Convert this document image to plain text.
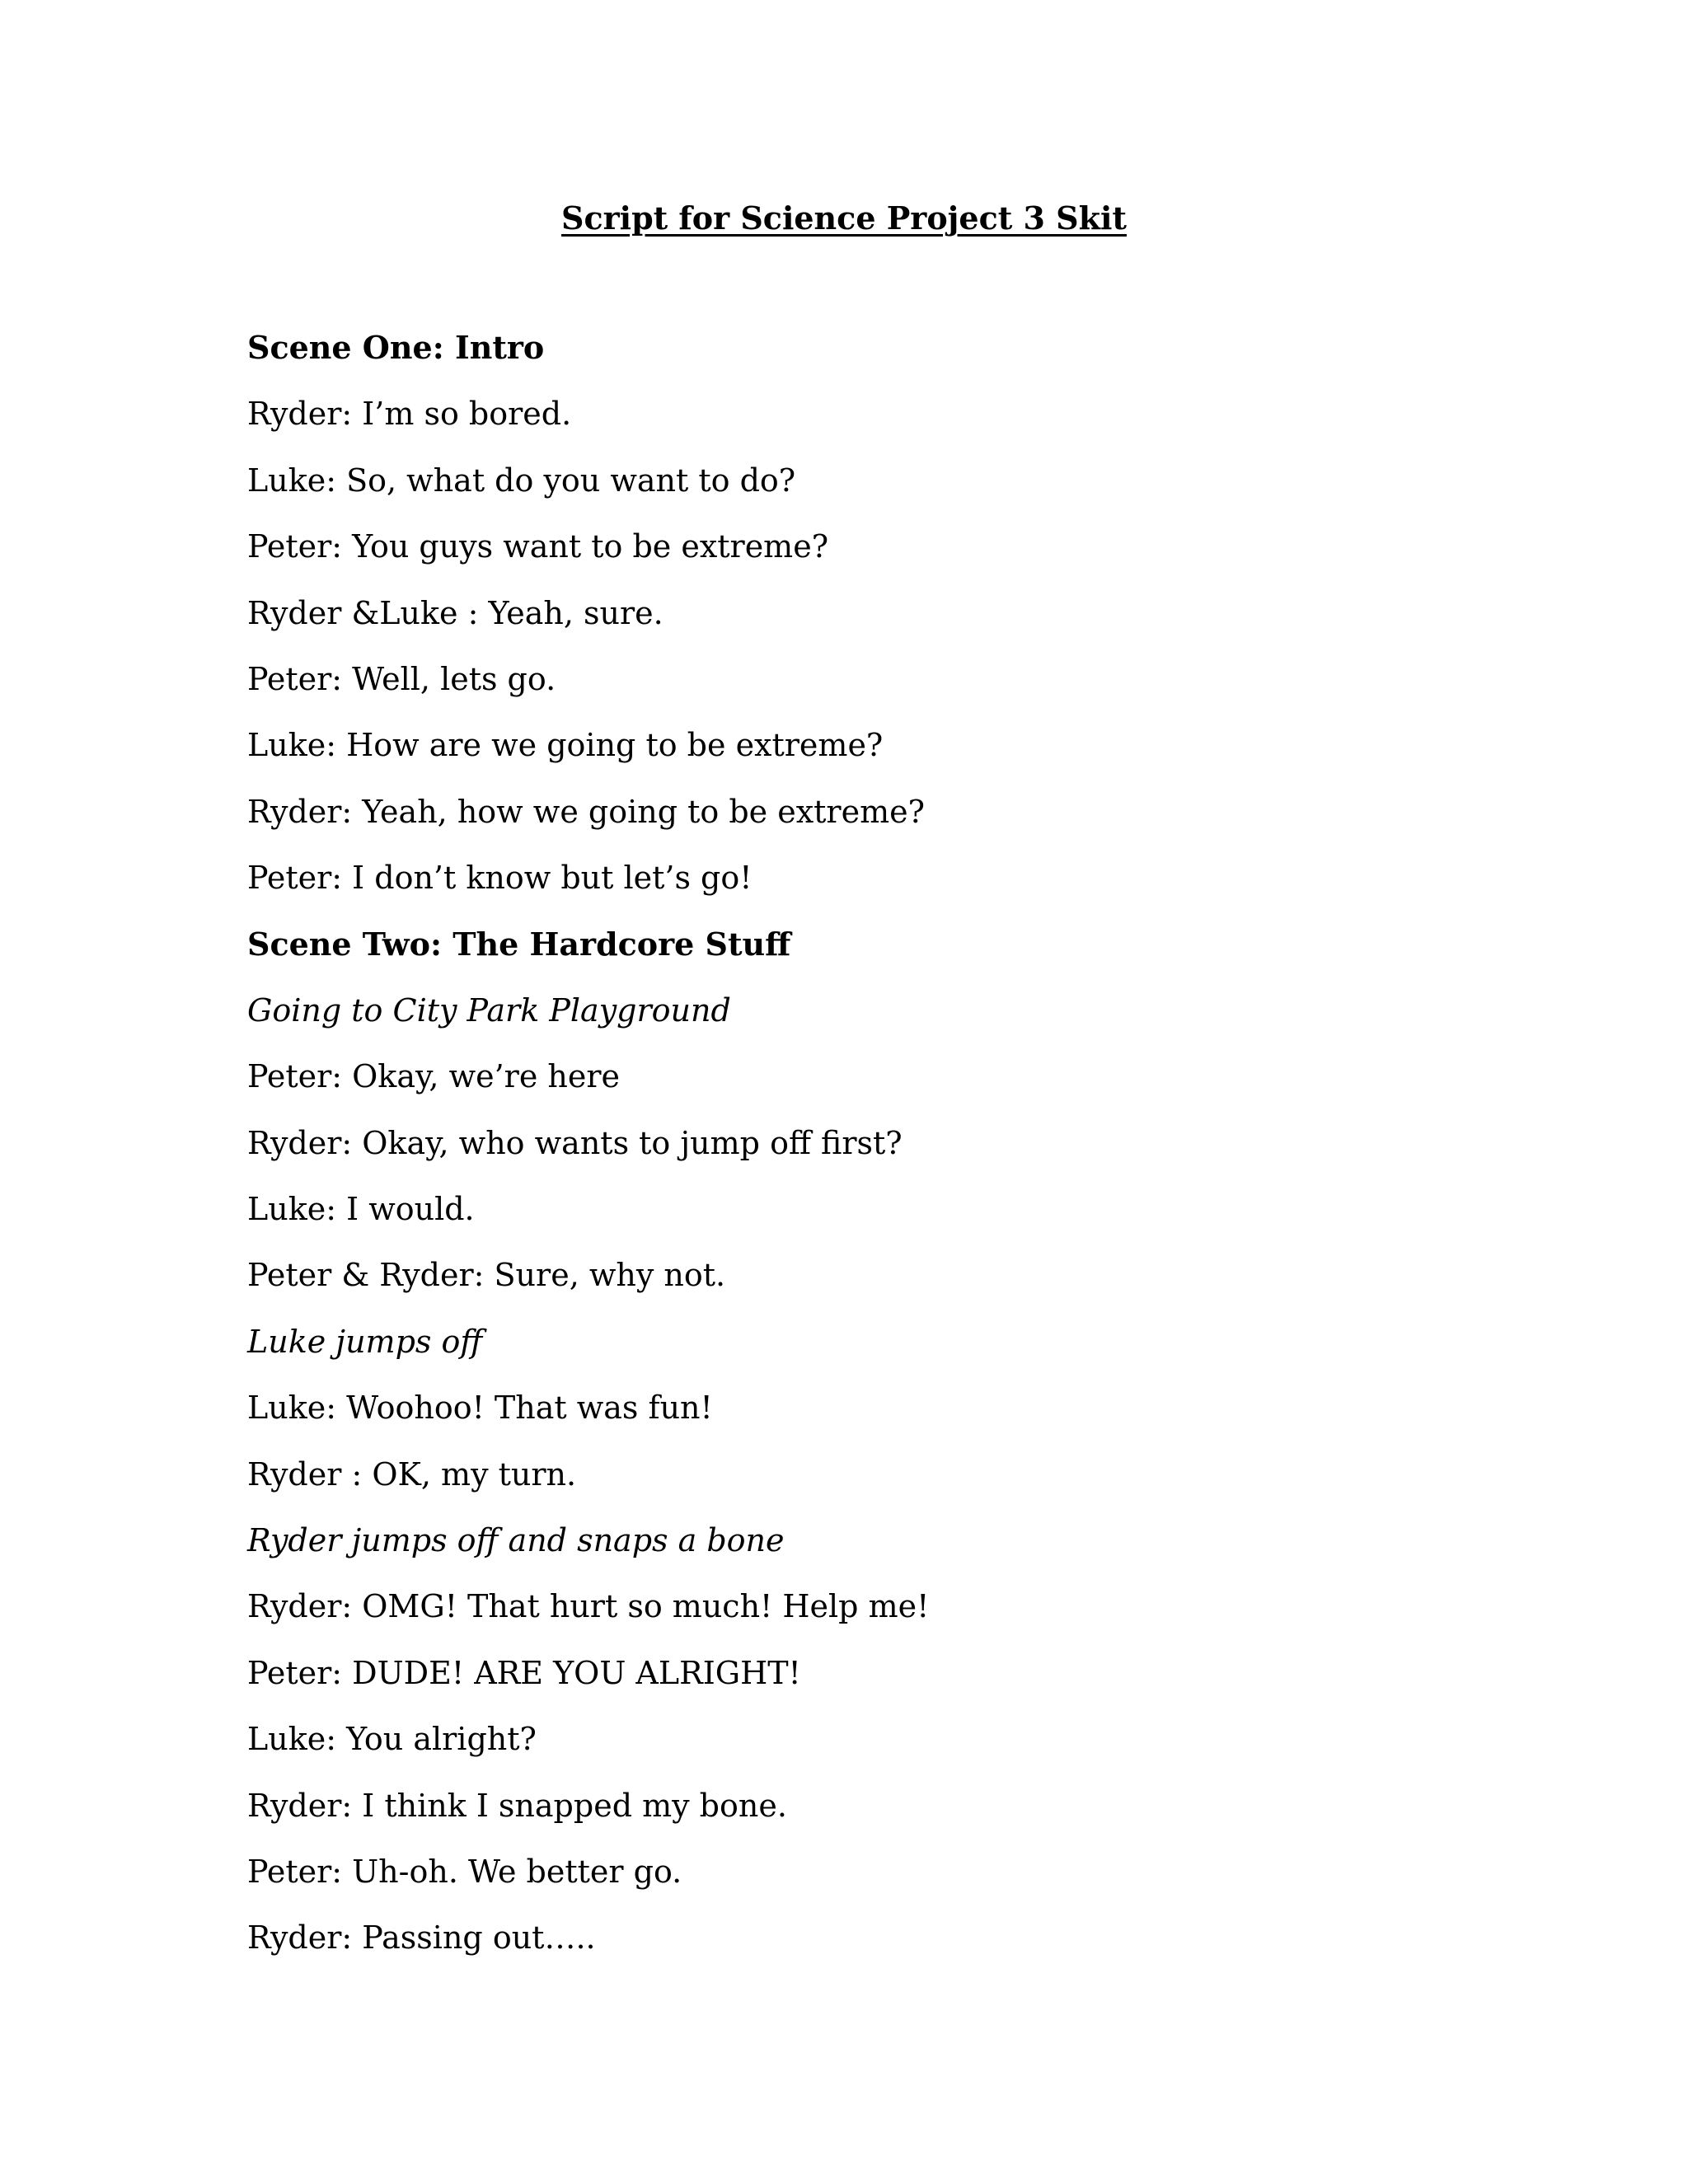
Script for Science Project 3 Skit
Scene One: Intro
Ryder: I’m so bored.
Luke: So, what do you want to do?
Peter: You guys want to be extreme?
Ryder &Luke : Yeah, sure.
Peter: Well, lets go.
Luke: How are we going to be extreme?
Ryder: Yeah, how we going to be extreme?
Peter: I don’t know but let’s go!
Scene Two: The Hardcore Stuff
Going to City Park Playground
Peter: Okay, we’re here
Ryder: Okay, who wants to jump off first?
Luke: I would.
Peter & Ryder: Sure, why not.
Luke jumps off
Luke: Woohoo! That was fun!
Ryder : OK, my turn.
Ryder jumps off and snaps a bone
Ryder: OMG! That hurt so much! Help me!
Peter: DUDE! ARE YOU ALRIGHT!
Luke: You alright?
Ryder: I think I snapped my bone.
Peter: Uh-oh. We better go.
Ryder: Passing out…..
